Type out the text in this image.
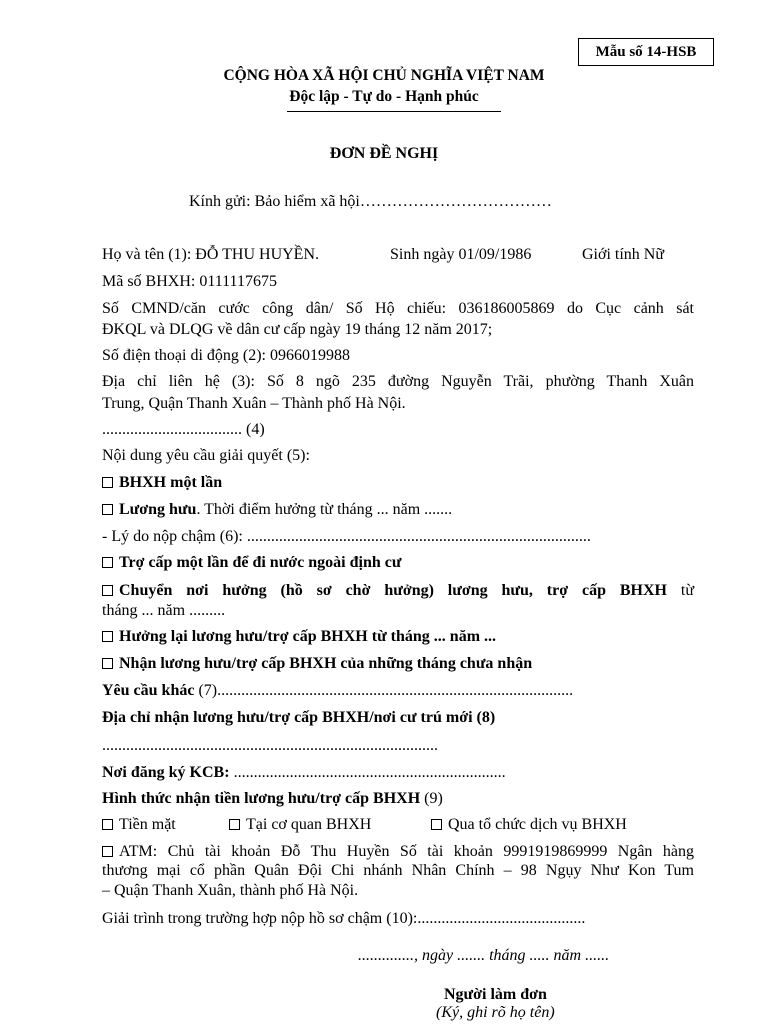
Mẫu số 14-HSB
CỘNG HÒA XÃ HỘI CHỦ NGHĨA VIỆT NAM
Độc lập - Tự do - Hạnh phúc
ĐƠN ĐỀ NGHỊ
Kính gửi: Bảo hiểm xã hội………………………………
Họ và tên (1): ĐỖ THU HUYỀN.	Sinh ngày 01/09/1986	Giới tính Nữ
Mã số BHXH: 0111117675
Số CMND/căn cước công dân/ Số Hộ chiếu: 036186005869 do Cục cảnh sát
ĐKQL và DLQG về dân cư cấp ngày 19 tháng 12 năm 2017;
Số điện thoại di động (2): 0966019988
Địa chỉ liên hệ (3): Số 8 ngõ 235 đường Nguyễn Trãi, phường Thanh Xuân
Trung, Quận Thanh Xuân – Thành phố Hà Nội.
................................... (4)
Nội dung yêu cầu giải quyết (5):
BHXH một lần
Lương hưu. Thời điểm hưởng từ tháng ... năm .......
- Lý do nộp chậm (6): ......................................................................................
Trợ cấp một lần để đi nước ngoài định cư
Chuyển nơi hưởng (hồ sơ chờ hưởng) lương hưu, trợ cấp BHXH từ
tháng ... năm .........
Hưởng lại lương hưu/trợ cấp BHXH từ tháng ... năm ...
Nhận lương hưu/trợ cấp BHXH của những tháng chưa nhận
Yêu cầu khác (7).........................................................................................
Địa chỉ nhận lương hưu/trợ cấp BHXH/nơi cư trú mới (8)
....................................................................................
Nơi đăng ký KCB: ....................................................................
Hình thức nhận tiền lương hưu/trợ cấp BHXH (9)
Tiền mặt	Tại cơ quan BHXH	Qua tổ chức dịch vụ BHXH
ATM: Chủ tài khoản Đỗ Thu Huyền Số tài khoản 9991919869999 Ngân hàng
thương mại cổ phần Quân Đội Chi nhánh Nhân Chính – 98 Ngụy Như Kon Tum
– Quận Thanh Xuân, thành phố Hà Nội.
Giải trình trong trường hợp nộp hồ sơ chậm (10):..........................................
.............., ngày ....... tháng ..... năm ......
Người làm đơn
(Ký, ghi rõ họ tên)
